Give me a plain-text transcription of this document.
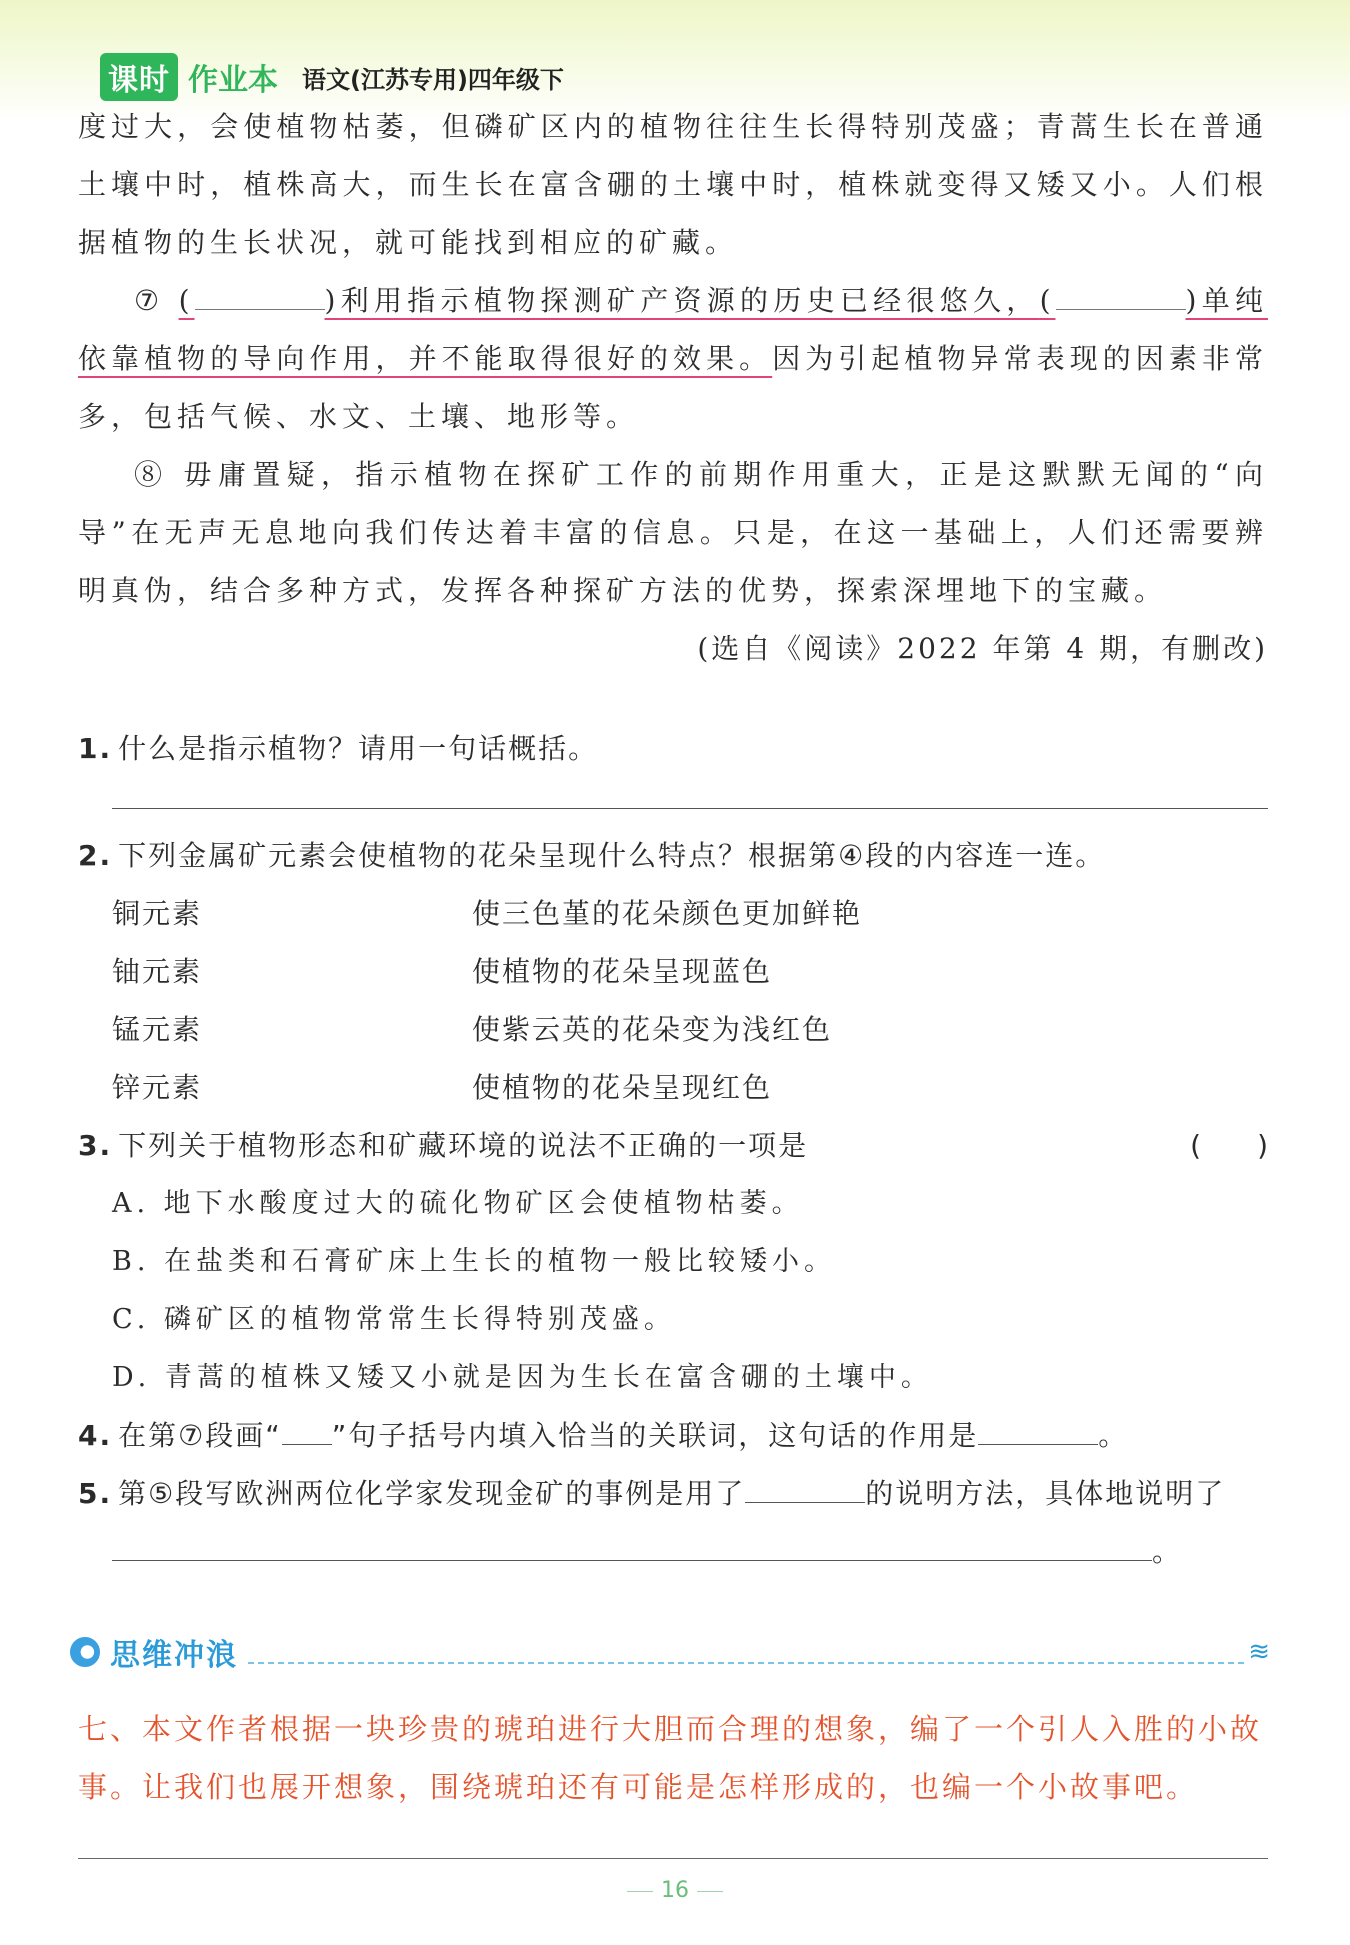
课时 作业本 语文(江苏专用)四年级下

度过大，会使植物枯萎，但磷矿区内的植物往往生长得特别茂盛；青蒿生长在普通土壤中时，植株高大，而生长在富含硼的土壤中时，植株就变得又矮又小。人们根据植物的生长状况，就可能找到相应的矿藏。

⑦ (	)利用指示植物探测矿产资源的历史已经很悠久，(	)单纯依靠植物的导向作用，并不能取得很好的效果。因为引起植物异常表现的因素非常多，包括气候、水文、土壤、地形等。

⑧ 毋庸置疑，指示植物在探矿工作的前期作用重大，正是这默默无闻的“向导”在无声无息地向我们传达着丰富的信息。只是，在这一基础上，人们还需要辨明真伪，结合多种方式，发挥各种探矿方法的优势，探索深埋地下的宝藏。

(选自《阅读》2022 年第 4 期，有删改)

1. 什么是指示植物？请用一句话概括。

2. 下列金属矿元素会使植物的花朵呈现什么特点？根据第④段的内容连一连。

铜元素	使三色堇的花朵颜色更加鲜艳
铀元素	使植物的花朵呈现蓝色
锰元素	使紫云英的花朵变为浅红色
锌元素	使植物的花朵呈现红色

3. 下列关于植物形态和矿藏环境的说法不正确的一项是	(　　)

A. 地下水酸度过大的硫化物矿区会使植物枯萎。

B. 在盐类和石膏矿床上生长的植物一般比较矮小。

C. 磷矿区的植物常常生长得特别茂盛。

D. 青蒿的植株又矮又小就是因为生长在富含硼的土壤中。

4. 在第⑦段画“ ”句子括号内填入恰当的关联词，这句话的作用是	。

5. 第⑤段写欧洲两位化学家发现金矿的事例是用了	的说明方法，具体地说明了。

思维冲浪	≋

七、本文作者根据一块珍贵的琥珀进行大胆而合理的想象，编了一个引人入胜的小故事。让我们也展开想象，围绕琥珀还有可能是怎样形成的，也编一个小故事吧。

16
